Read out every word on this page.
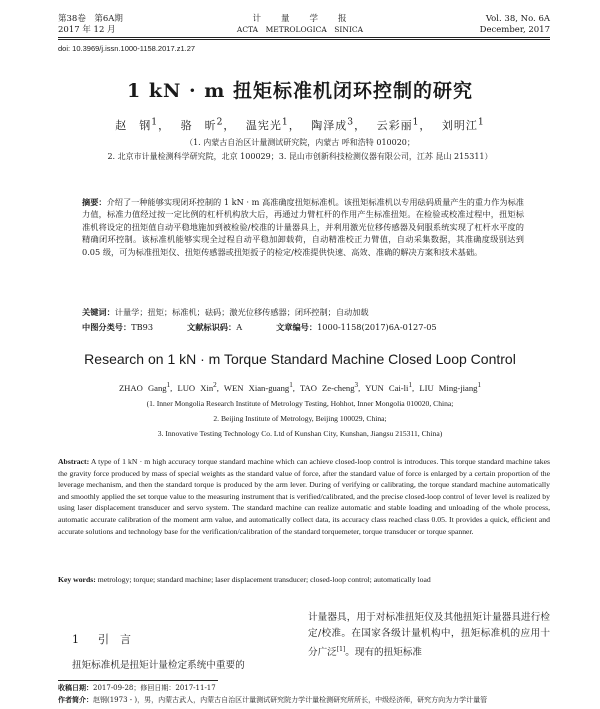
第38卷　第6A期
2017 年 12 月
计　　量　　学　　报
ACTA　METROLOGICA　SINICA
Vol. 38, No. 6A
December, 2017
doi: 10.3969/j.issn.1000-1158.2017.z1.27
1 kN · m 扭矩标准机闭环控制的研究
赵　钢$^1$， 骆　昕$^2$， 温宪光$^1$， 陶泽成$^3$， 云彩丽$^1$， 刘明江$^1$
（1. 内蒙古自治区计量测试研究院，内蒙古 呼和浩特 010020；
2. 北京市计量检测科学研究院，北京 100029；3. 昆山市创新科技检测仪器有限公司，江苏 昆山 215311）
摘要：介绍了一种能够实现闭环控制的 1 kN · m 高准确度扭矩标准机。该扭矩标准机以专用砝码质量产生的重力作为标准力值，标准力值经过按一定比例的杠杆机构放大后，再通过力臂杠杆的作用产生标准扭矩。在检验或校准过程中，扭矩标准机将设定的扭矩值自动平稳地施加到被检验/校准的计量器具上，并利用激光位移传感器及伺服系统实现了杠杆水平度的精确闭环控制。该标准机能够实现全过程自动平稳加卸载荷，自动精准校正力臂值，自动采集数据，其准确度级别达到 0.05 级，可为标准扭矩仪、扭矩传感器或扭矩扳子的检定/校准提供快速、高效、准确的解决方案和技术基础。
关键词：计量学；扭矩；标准机；砝码；激光位移传感器；闭环控制；自动加载
中图分类号：TB93	文献标识码：A	文章编号：1000-1158(2017)6A-0127-05
Research on 1 kN · m Torque Standard Machine Closed Loop Control
ZHAO Gang$^1$, LUO Xin$^2$, WEN Xian-guang$^1$, TAO Ze-cheng$^3$, YUN Cai-$li^1$, LIU Ming-jiang$^1$
(1. Inner Mongolia Research Institute of Metrology Testing, Hohhot, Inner Mongolia 010020, China;
2. Beijing Institute of Metrology, Beijing 100029, China;
3. Innovative Testing Technology Co. Ltd of Kunshan City, Kunshan, Jiangsu 215311, China)
Abstract: A type of 1 kN · m high accuracy torque standard machine which can achieve closed-loop control is introduces. This torque standard machine takes the gravity force produced by mass of special weights as the standard value of force, after the standard value of force is enlarged by a certain proportion of the leverage mechanism, and then the standard torque is produced by the arm lever. During of verifying or calibrating, the torque standard machine automatically and smoothly applied the set torque value to the measuring instrument that is verified/calibrated, and the precise closed-loop control of lever level is realized by using laser displacement transducer and servo system. The standard machine can realize automatic and stable loading and unloading of the whole process, automatic accurate calibration of the moment arm value, and automatically collect data, its accuracy class reached class 0.05. It provides a quick, efficient and accurate solutions and technology base for the verification/calibration of the standard torquemeter, torque transducer or torque spanner.
Key words: metrology; torque; standard machine; laser displacement transducer; closed-loop control; automatically load
1 引　言
扭矩标准机是扭矩计量检定系统中重要的
计量器具，用于对标准扭矩仪及其他扭矩计量器具进行检定/校准。在国家各级计量机构中，扭矩标准机的应用十分广泛[1]。现有的扭矩标准
收稿日期：2017-09-28；修回日期：2017-11-17
作者简介：赵钢(1973 - )，男，内蒙古武人，内蒙古自治区计量测试研究院力学计量检测研究所所长，中级经济师，研究方向为力学计量管
